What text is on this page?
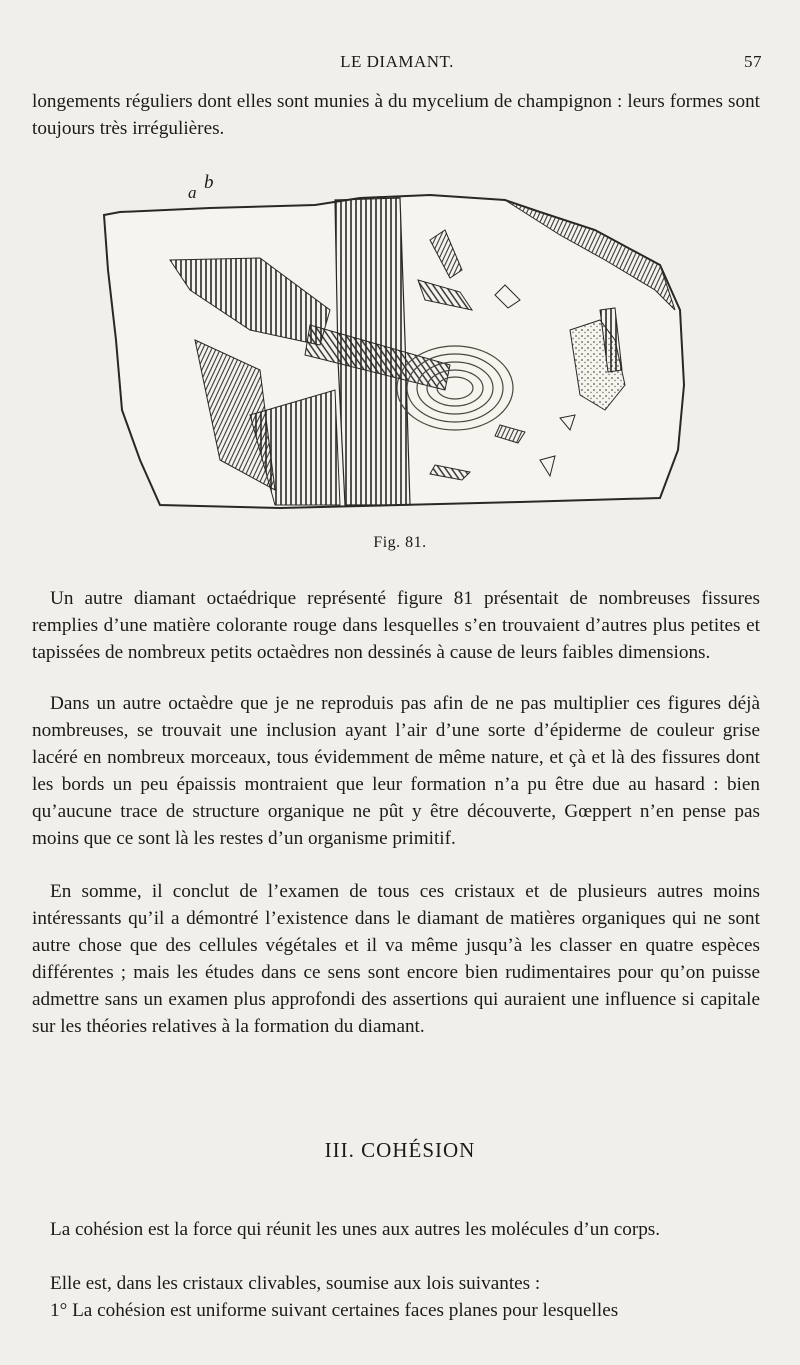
LE DIAMANT.	57

longements réguliers dont elles sont munies à du mycelium de champignon : leurs formes sont toujours très irrégulières.

a b
Fig. 81.

Un autre diamant octaédrique représenté figure 81 présentait de nombreuses fissures remplies d’une matière colorante rouge dans lesquelles s’en trouvaient d’autres plus petites et tapissées de nombreux petits octaèdres non dessinés à cause de leurs faibles dimensions.

Dans un autre octaèdre que je ne reproduis pas afin de ne pas multiplier ces figures déjà nombreuses, se trouvait une inclusion ayant l’air d’une sorte d’épiderme de couleur grise lacéré en nombreux morceaux, tous évidemment de même nature, et çà et là des fissures dont les bords un peu épaissis montraient que leur formation n’a pu être due au hasard : bien qu’aucune trace de structure organique ne pût y être découverte, Gœppert n’en pense pas moins que ce sont là les restes d’un organisme primitif.

En somme, il conclut de l’examen de tous ces cristaux et de plusieurs autres moins intéressants qu’il a démontré l’existence dans le diamant de matières organiques qui ne sont autre chose que des cellules végétales et il va même jusqu’à les classer en quatre espèces différentes ; mais les études dans ce sens sont encore bien rudimentaires pour qu’on puisse admettre sans un examen plus approfondi des assertions qui auraient une influence si capitale sur les théories relatives à la formation du diamant.

III. COHÉSION

La cohésion est la force qui réunit les unes aux autres les molécules d’un corps.

Elle est, dans les cristaux clivables, soumise aux lois suivantes :

1° La cohésion est uniforme suivant certaines faces planes pour lesquelles
